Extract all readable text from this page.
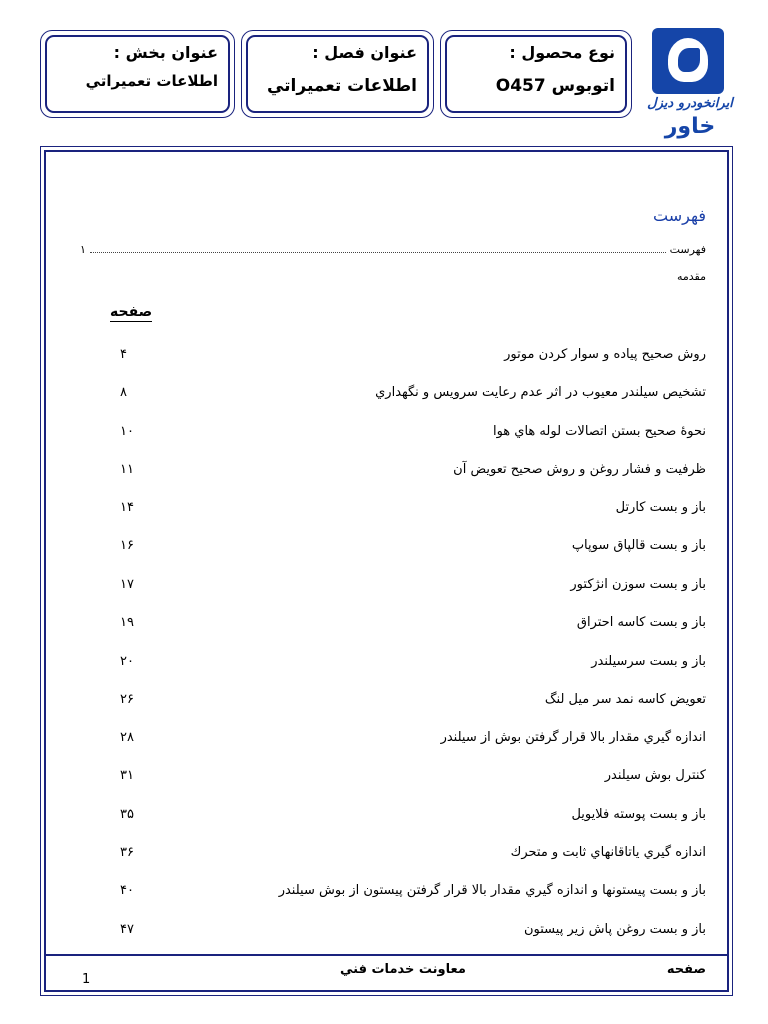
نوع محصول :
اتوبوس O457
عنوان فصل :
اطلاعات تعميراتي
عنوان بخش :
اطلاعات تعميراتي
ایرانخودرو دیزل
خاور
فهرست
فهرست
۱
مقدمه
صفحه
روش صحيح پياده و سوار كردن موتور
۴
تشخيص سيلندر معيوب در اثر عدم رعايت سرويس و نگهداري
۸
نحوهٔ صحيح بستن اتصالات لوله هاي هوا
۱۰
ظرفيت و فشار روغن و روش صحيح تعويض آن
۱۱
باز و بست كارتل
۱۴
باز و بست قالپاق سوپاپ
۱۶
باز و بست سوزن انژكتور
۱۷
باز و بست كاسه احتراق
۱۹
باز و بست سرسيلندر
۲۰
تعويض كاسه نمد سر ميل لنگ
۲۶
اندازه گيري مقدار بالا قرار گرفتن بوش از سيلندر
۲۸
كنترل بوش سيلندر
۳۱
باز و بست پوسته فلايويل
۳۵
اندازه گيري ياتاقانهاي ثابت و متحرك
۳۶
باز و بست پيستونها و اندازه گيري مقدار بالا قرار گرفتن پيستون از بوش سيلندر
۴۰
باز و بست روغن پاش زير پيستون
۴۷
صفحه
معاونت خدمات فني
1
